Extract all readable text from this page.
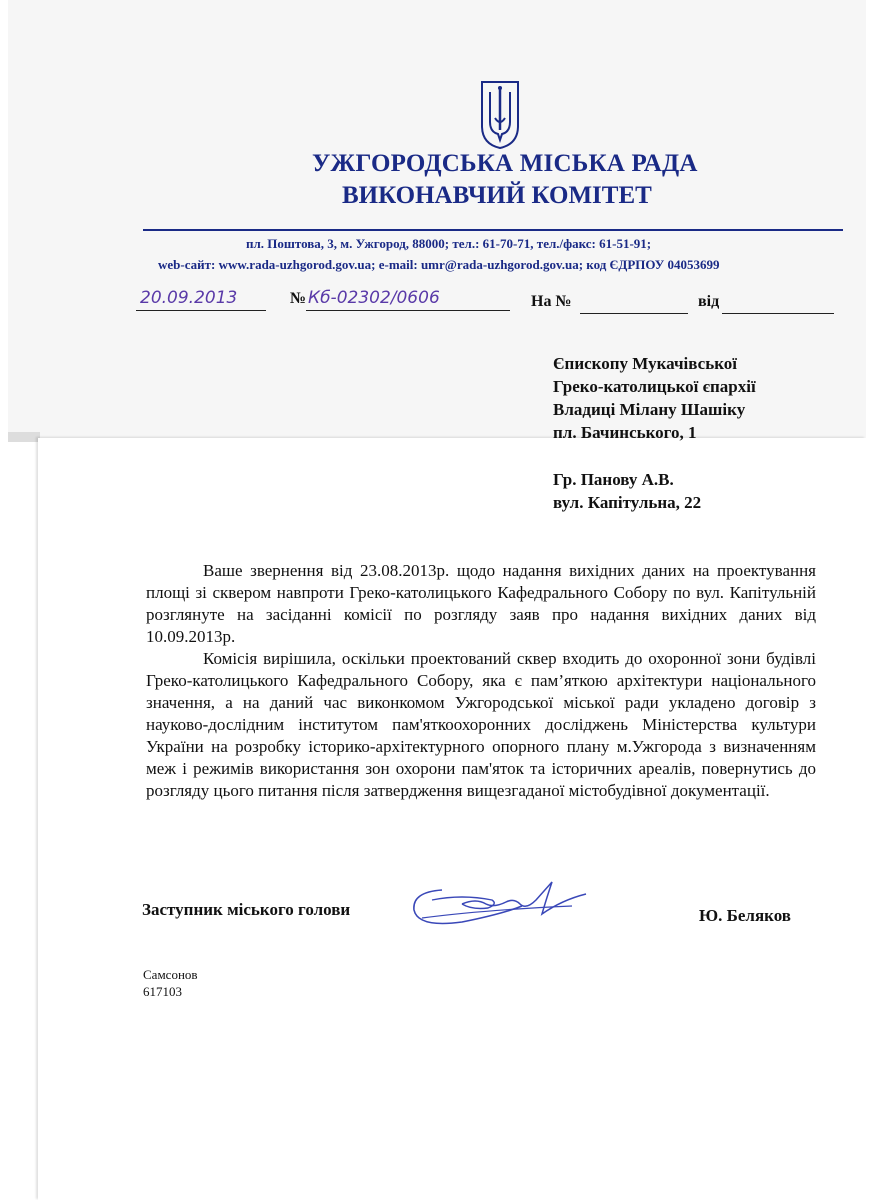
УЖГОРОДСЬКА МІСЬКА РАДА
ВИКОНАВЧИЙ КОМІТЕТ
пл. Поштова, 3, м. Ужгород, 88000; тел.: 61-70-71, тел./факс: 61-51-91;
web-сайт: www.rada-uzhgorod.gov.ua; e-mail: umr@rada-uzhgorod.gov.ua; код ЄДРПОУ 04053699
20.09.2013	№ Кб-02302/0606	На №	від
Єпископу Мукачівської
Греко-католицької єпархії
Владиці Мілану Шашіку
пл. Бачинського, 1
Гр. Панову А.В.
вул. Капітульна, 22

Ваше звернення від 23.08.2013р. щодо надання вихідних даних на проектування площі зі сквером навпроти Греко-католицького Кафедрального Собору по вул. Капітульній розглянуте на засіданні комісії по розгляду заяв про надання вихідних даних від 10.09.2013р.

Комісія вирішила, оскільки проектований сквер входить до охоронної зони будівлі Греко-католицького Кафедрального Собору, яка є пам’яткою архітектури національного значення, а на даний час виконкомом Ужгородської міської ради укладено договір з науково-дослідним інститутом пам'яткоохоронних досліджень Міністерства культури України на розробку історико-архітектурного опорного плану м.Ужгорода з визначенням меж і режимів використання зон охорони пам'яток та історичних ареалів, повернутись до розгляду цього питання після затвердження вищезгаданої містобудівної документації.

Заступник міського голови	Ю. Беляков
Самсонов
617103
